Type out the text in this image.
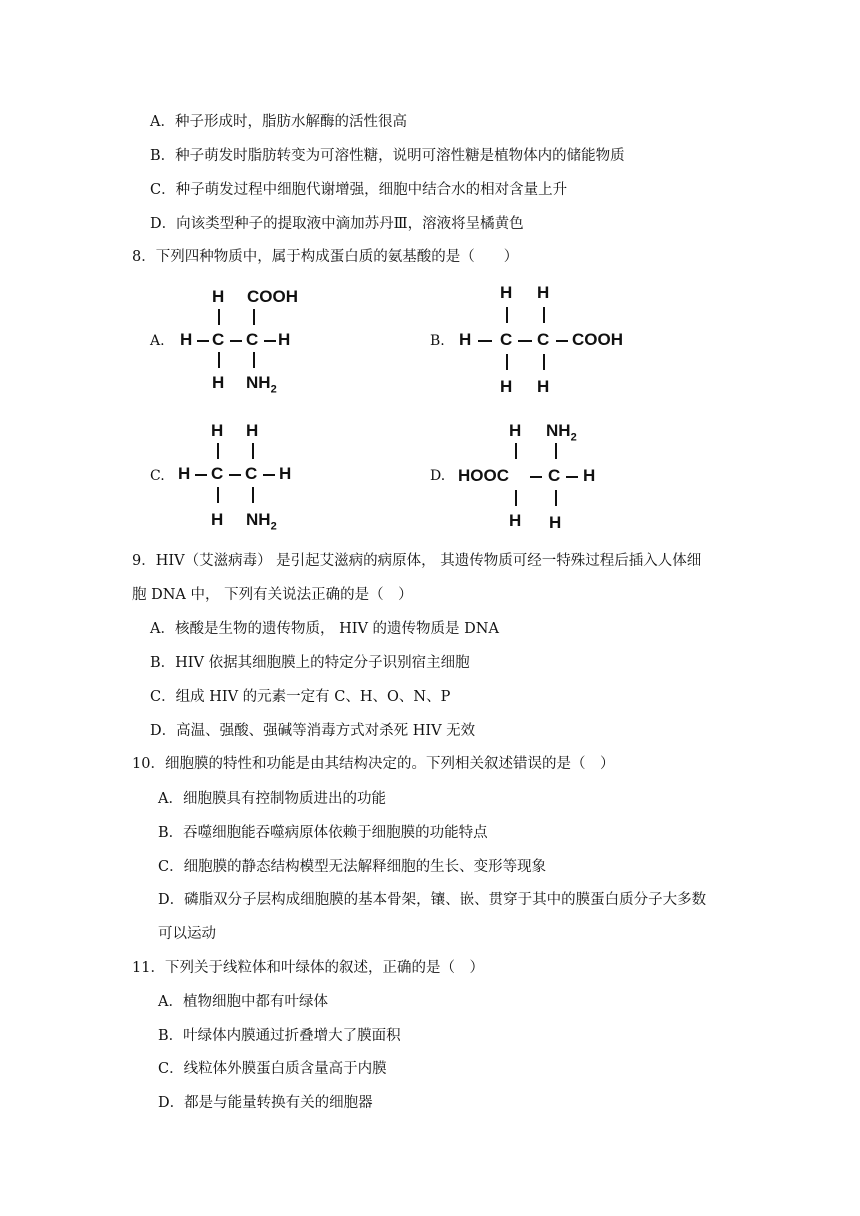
A．种子形成时，脂肪水解酶的活性很高
B．种子萌发时脂肪转变为可溶性糖，说明可溶性糖是植物体内的储能物质
C．种子萌发过程中细胞代谢增强，细胞中结合水的相对含量上升
D．向该类型种子的提取液中滴加苏丹Ⅲ，溶液将呈橘黄色
8．下列四种物质中，属于构成蛋白质的氨基酸的是（　　）
A.
H COOH
H C C H
H $NH_2$
B.
H H
H C C COOH
H H
C.
H H
H C C H
H $NH_2$
D.
H $NH_2$
HOOC C H
H H
9．HIV（艾滋病毒） 是引起艾滋病的病原体， 其遗传物质可经一特殊过程后插入人体细
胞 DNA 中， 下列有关说法正确的是（　）
A．核酸是生物的遗传物质， HIV 的遗传物质是 DNA
B．HIV 依据其细胞膜上的特定分子识别宿主细胞
C．组成 HIV 的元素一定有 C、H、O、N、P
D．高温、强酸、强碱等消毒方式对杀死 HIV 无效
10．细胞膜的特性和功能是由其结构决定的。下列相关叙述错误的是（　）
A．细胞膜具有控制物质进出的功能
B．吞噬细胞能吞噬病原体依赖于细胞膜的功能特点
C．细胞膜的静态结构模型无法解释细胞的生长、变形等现象
D．磷脂双分子层构成细胞膜的基本骨架，镶、嵌、贯穿于其中的膜蛋白质分子大多数
可以运动
11．下列关于线粒体和叶绿体的叙述，正确的是（　）
A．植物细胞中都有叶绿体
B．叶绿体内膜通过折叠增大了膜面积
C．线粒体外膜蛋白质含量高于内膜
D．都是与能量转换有关的细胞器
